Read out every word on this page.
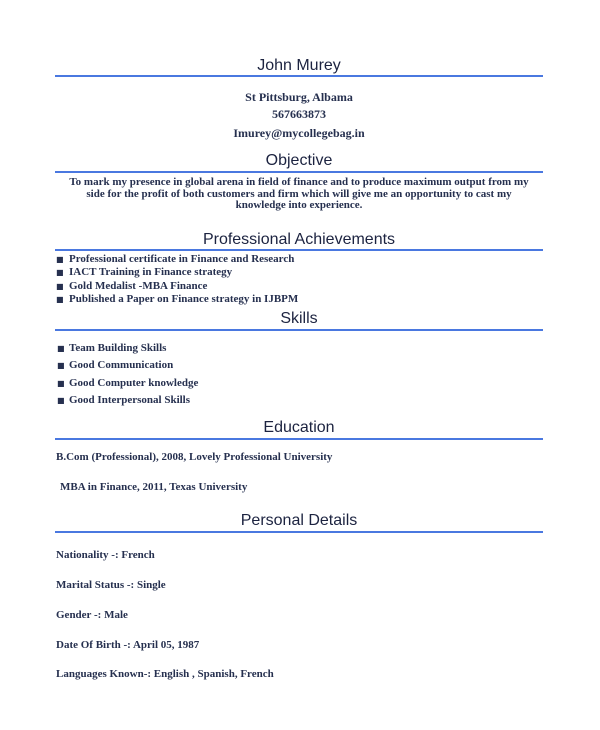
John Murey
St Pittsburg, Albama
567663873
Imurey@mycollegebag.in
Objective
To mark my presence in global arena in field of finance and to produce maximum output from my side for the profit of both customers and firm which will give me an opportunity to cast my knowledge into experience.
Professional Achievements
■ Professional certificate in Finance and Research
■ IACT Training in Finance strategy
■ Gold Medalist -MBA Finance
■ Published a Paper on Finance strategy in IJBPM
Skills
■ Team Building Skills
■ Good Communication
■ Good Computer knowledge
■ Good Interpersonal Skills
Education
B.Com (Professional), 2008, Lovely Professional University
MBA in Finance, 2011, Texas University
Personal Details
Nationality -: French
Marital Status -: Single
Gender -: Male
Date Of Birth -: April 05, 1987
Languages Known-: English , Spanish, French
